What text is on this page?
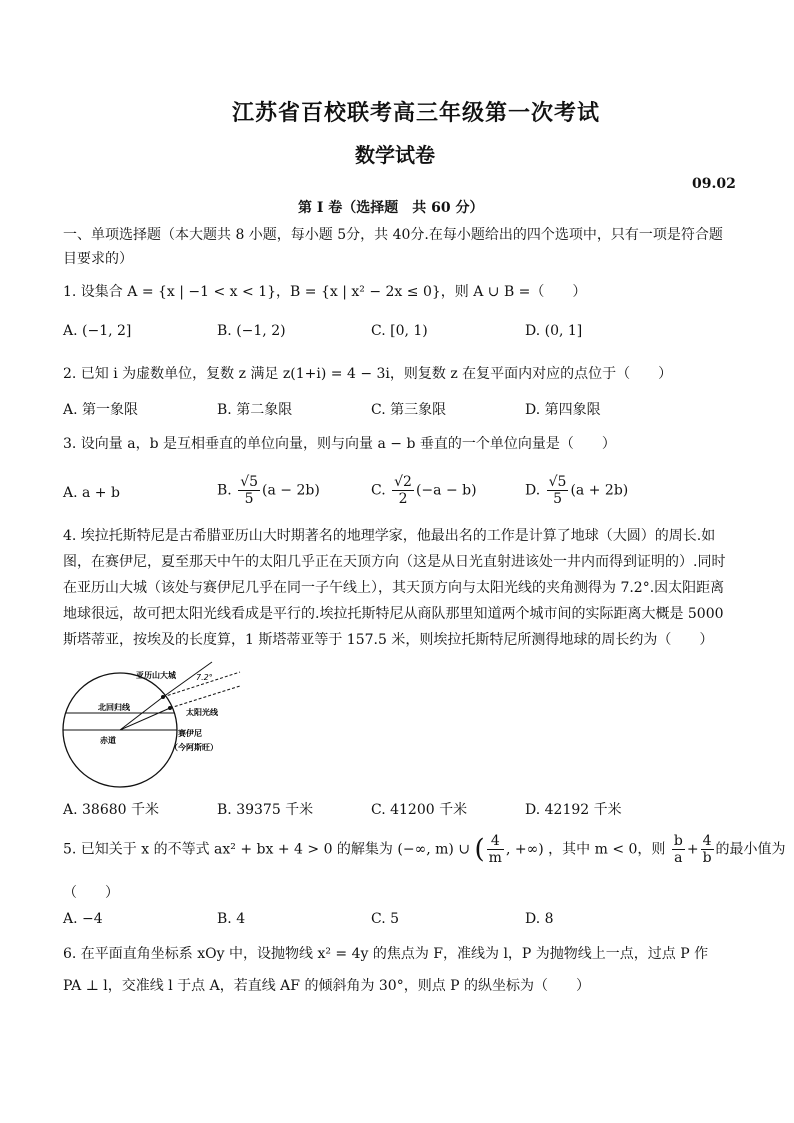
江苏省百校联考高三年级第一次考试
数学试卷
09.02
第 I 卷（选择题　共 60 分）
一、单项选择题（本大题共 8 小题，每小题 5分，共 40分.在每小题给出的四个选项中，只有一项是符合题
目要求的）
1. 设集合 A = {x | −1 < x < 1}，B = {x | x² − 2x ≤ 0}，则 A ∪ B =（　　）
A. (−1, 2]	B. (−1, 2)	C. [0, 1)	D. (0, 1]
2. 已知 i 为虚数单位，复数 z 满足 z(1+i) = 4 − 3i，则复数 z 在复平面内对应的点位于（　　）
A. 第一象限	B. 第二象限	C. 第三象限	D. 第四象限
3. 设向量 a，b 是互相垂直的单位向量，则与向量 a − b 垂直的一个单位向量是（　　）
A. a + b	B. $\frac{√5}{5} (a - 2b)$	C. $\frac{√2}{2} (-a - b)$	D. $\frac{√5}{5} (a + 2b)$
4. 埃拉托斯特尼是古希腊亚历山大时期著名的地理学家，他最出名的工作是计算了地球（大圆）的周长.如
图，在赛伊尼，夏至那天中午的太阳几乎正在天顶方向（这是从日光直射进该处一井内而得到证明的）.同时
在亚历山大城（该处与赛伊尼几乎在同一子午线上），其天顶方向与太阳光线的夹角测得为 7.2°.因太阳距离
地球很远，故可把太阳光线看成是平行的.埃拉托斯特尼从商队那里知道两个城市间的实际距离大概是 5000
斯塔蒂亚，按埃及的长度算，1 斯塔蒂亚等于 157.5 米，则埃拉托斯特尼所测得地球的周长约为（　　）
亚历山大城	7.2°
北回归线
太阳光线
赤道
赛伊尼
（今阿斯旺）
A. 38680 千米	B. 39375 千米	C. 41200 千米	D. 42192 千米
5. 已知关于 x 的不等式 ax² + bx + 4 > 0 的解集为 (−∞, m) ∪ ( $\frac{4}{m}$ , +∞) ，其中 m < 0，则 $\frac{b}{a} + \frac{4}{b}$ 的最小值为
（　　）
A. −4	B. 4	C. 5	D. 8
6. 在平面直角坐标系 xOy 中，设抛物线 x² = 4y 的焦点为 F，准线为 l，P 为抛物线上一点，过点 P 作
PA ⊥ l，交准线 l 于点 A，若直线 AF 的倾斜角为 30°，则点 P 的纵坐标为（　　）
